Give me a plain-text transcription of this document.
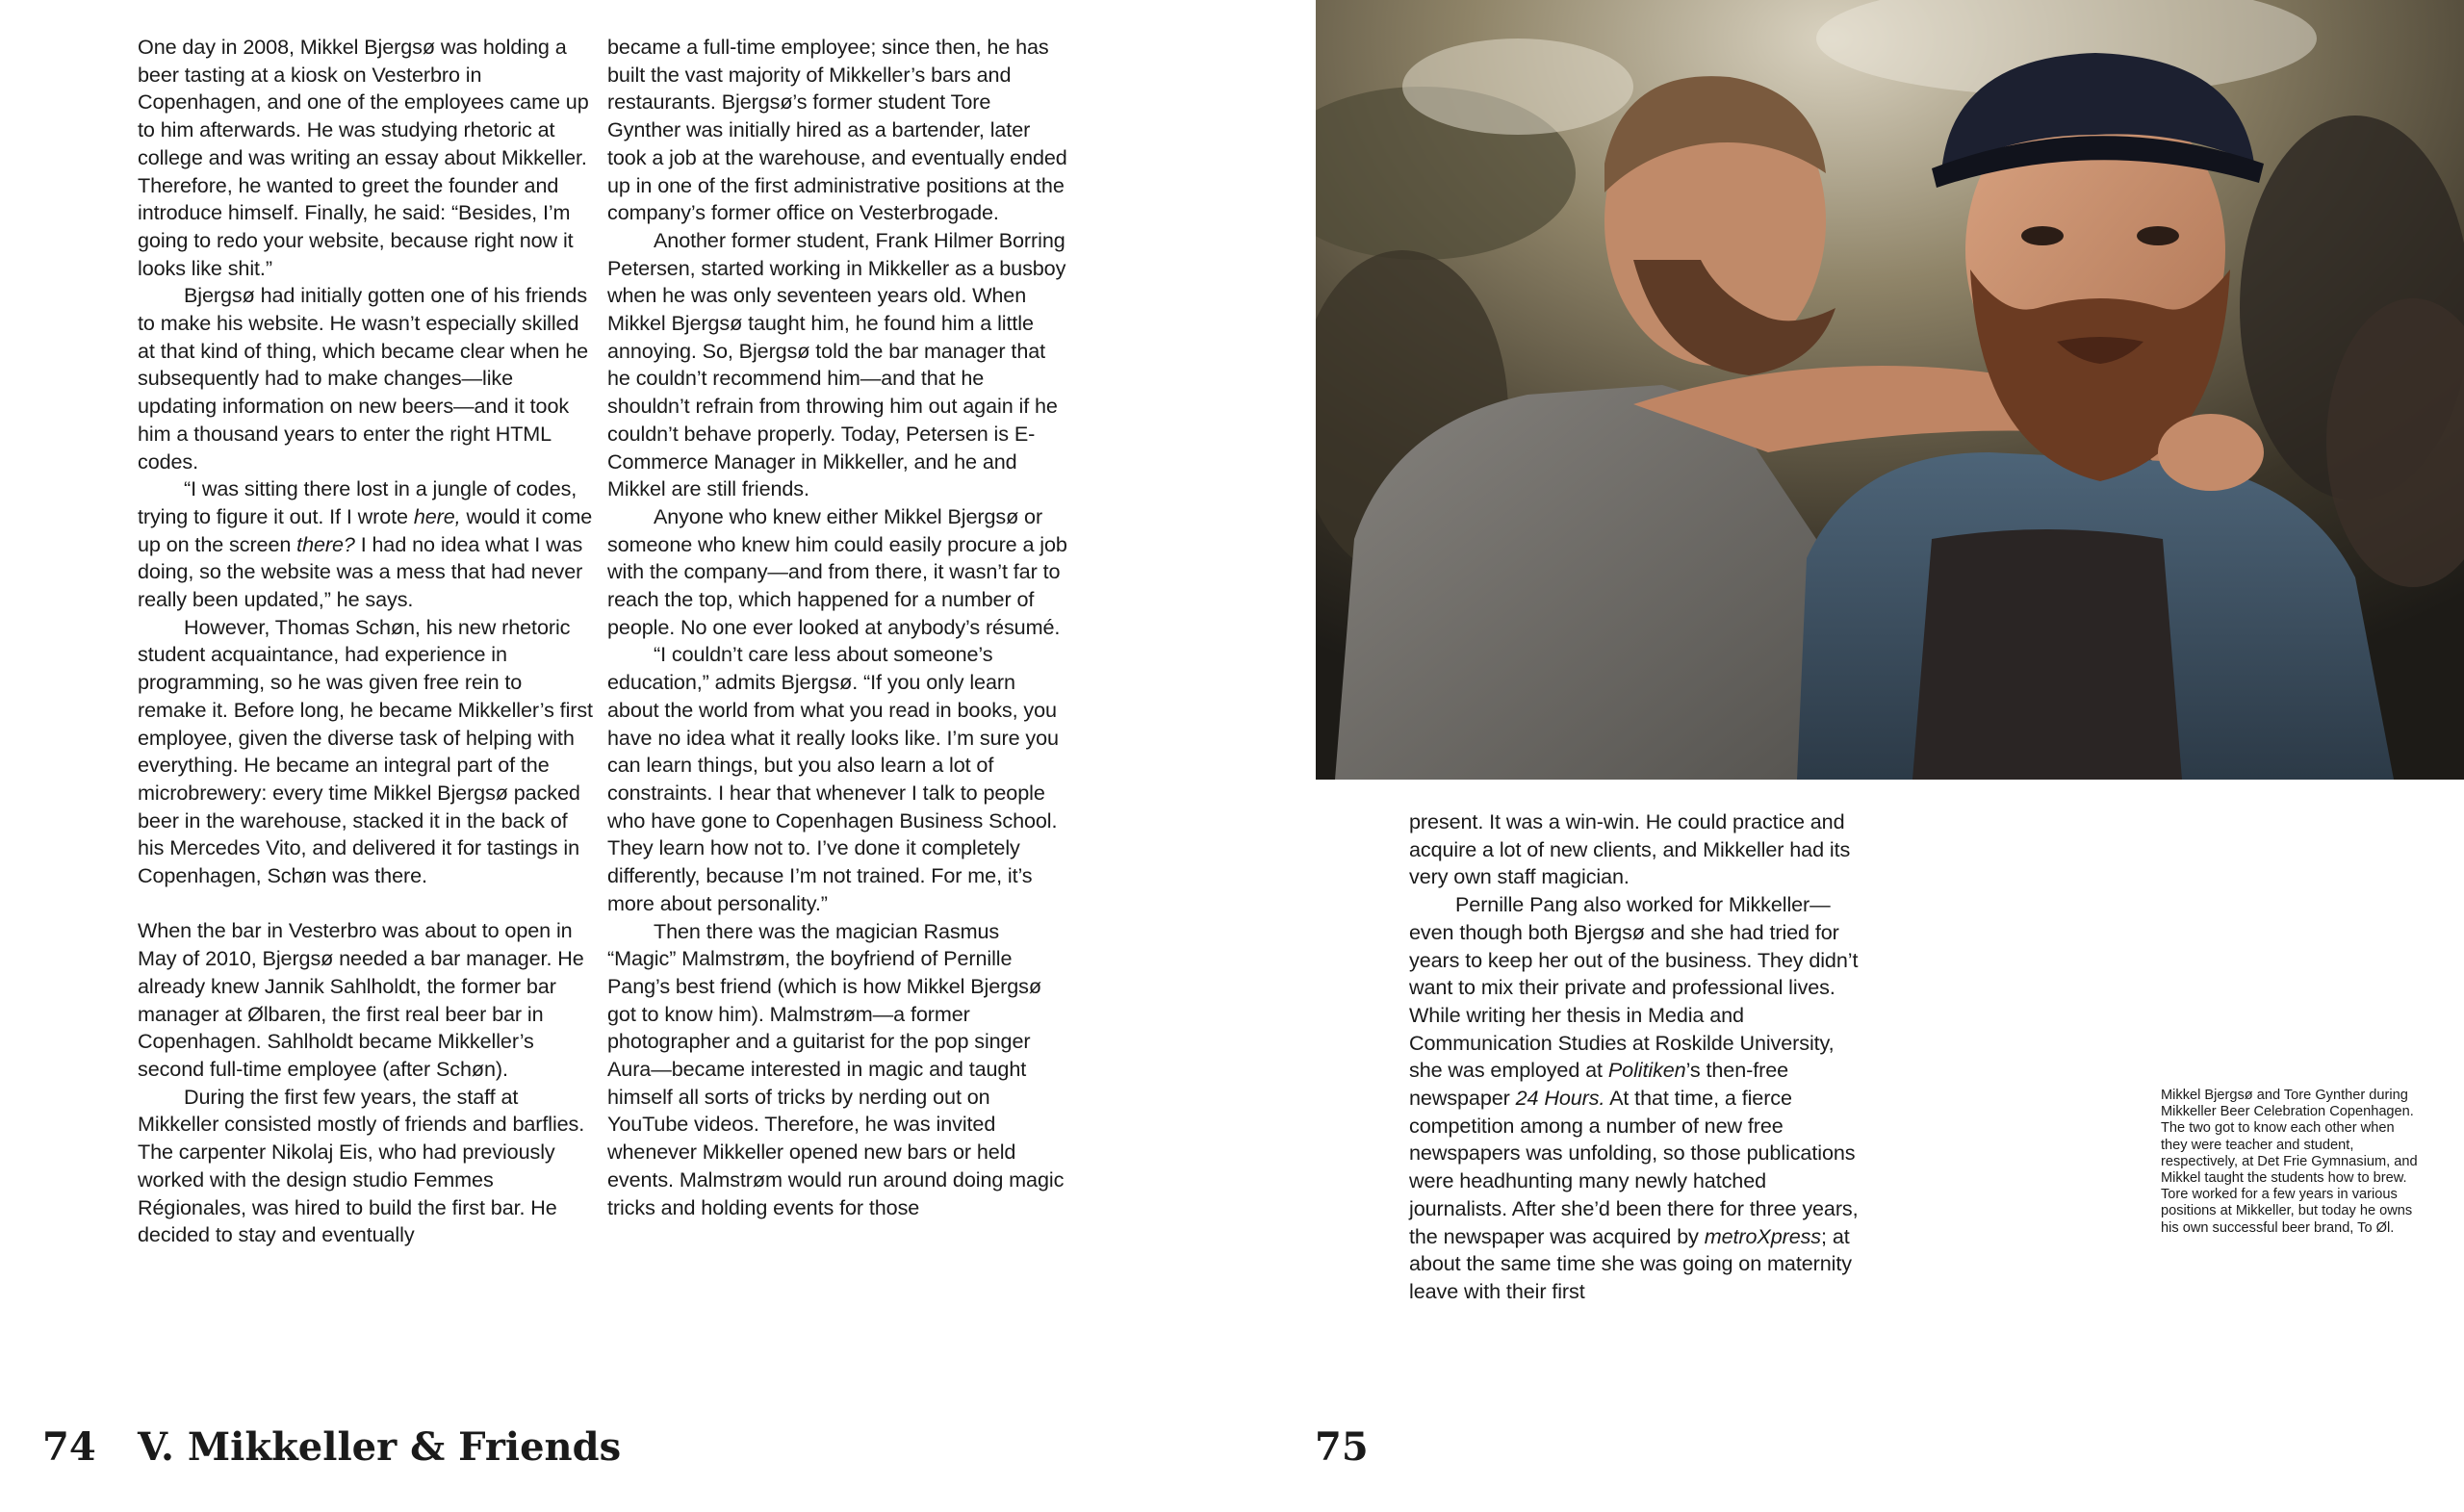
One day in 2008, Mikkel Bjergsø was holding a beer tasting at a kiosk on Vesterbro in Copenhagen, and one of the employees came up to him afterwards. He was studying rhetoric at college and was writing an essay about Mikkeller. Therefore, he wanted to greet the founder and introduce himself. Finally, he said: “Besides, I’m going to redo your website, because right now it looks like shit.”

Bjergsø had initially gotten one of his friends to make his website. He wasn’t especially skilled at that kind of thing, which became clear when he subsequently had to make changes—like updating information on new beers—and it took him a thousand years to enter the right HTML codes.

“I was sitting there lost in a jungle of codes, trying to figure it out. If I wrote here, would it come up on the screen there? I had no idea what I was doing, so the website was a mess that had never really been updated,” he says.

However, Thomas Schøn, his new rhetoric student acquaintance, had experience in programming, so he was given free rein to remake it. Before long, he became Mikkeller’s first employee, given the diverse task of helping with everything. He became an integral part of the microbrewery: every time Mikkel Bjergsø packed beer in the warehouse, stacked it in the back of his Mercedes Vito, and delivered it for tastings in Copenhagen, Schøn was there.

When the bar in Vesterbro was about to open in May of 2010, Bjergsø needed a bar manager. He already knew Jannik Sahlholdt, the former bar manager at Ølbaren, the first real beer bar in Copenhagen. Sahlholdt became Mikkeller’s second full-time employee (after Schøn).

During the first few years, the staff at Mikkeller consisted mostly of friends and barflies. The carpenter Nikolaj Eis, who had previously worked with the design studio Femmes Régionales, was hired to build the first bar. He decided to stay and eventually

became a full-time employee; since then, he has built the vast majority of Mikkeller’s bars and restaurants. Bjergsø’s former student Tore Gynther was initially hired as a bartender, later took a job at the warehouse, and eventually ended up in one of the first administrative positions at the company’s former office on Vesterbrogade.

Another former student, Frank Hilmer Borring Petersen, started working in Mikkeller as a busboy when he was only seventeen years old. When Mikkel Bjergsø taught him, he found him a little annoying. So, Bjergsø told the bar manager that he couldn’t recommend him—and that he shouldn’t refrain from throwing him out again if he couldn’t behave properly. Today, Petersen is E-Commerce Manager in Mikkeller, and he and Mikkel are still friends.

Anyone who knew either Mikkel Bjergsø or someone who knew him could easily procure a job with the company—and from there, it wasn’t far to reach the top, which happened for a number of people. No one ever looked at anybody’s résumé.

“I couldn’t care less about someone’s education,” admits Bjergsø. “If you only learn about the world from what you read in books, you have no idea what it really looks like. I’m sure you can learn things, but you also learn a lot of constraints. I hear that whenever I talk to people who have gone to Copenhagen Business School. They learn how not to. I’ve done it completely differently, because I’m not trained. For me, it’s more about personality.”

Then there was the magician Rasmus “Magic” Malmstrøm, the boyfriend of Pernille Pang’s best friend (which is how Mikkel Bjergsø got to know him). Malmstrøm—a former photographer and a guitarist for the pop singer Aura—became interested in magic and taught himself all sorts of tricks by nerding out on YouTube videos. Therefore, he was invited whenever Mikkeller opened new bars or held events. Malmstrøm would run around doing magic tricks and holding events for those

74 V. Mikkeller & Friends

present. It was a win-win. He could practice and acquire a lot of new clients, and Mikkeller had its very own staff magician.

Pernille Pang also worked for Mikkeller—even though both Bjergsø and she had tried for years to keep her out of the business. They didn’t want to mix their private and professional lives. While writing her thesis in Media and Communication Studies at Roskilde University, she was employed at Politiken’s then-free newspaper 24 Hours. At that time, a fierce competition among a number of new free newspapers was unfolding, so those publications were headhunting many newly hatched journalists. After she’d been there for three years, the newspaper was acquired by metroXpress; at about the same time she was going on maternity leave with their first

Mikkel Bjergsø and Tore Gynther during Mikkeller Beer Celebration Copenhagen. The two got to know each other when they were teacher and student, respectively, at Det Frie Gymnasium, and Mikkel taught the students how to brew. Tore worked for a few years in various positions at Mikkeller, but today he owns his own successful beer brand, To Øl.

75
